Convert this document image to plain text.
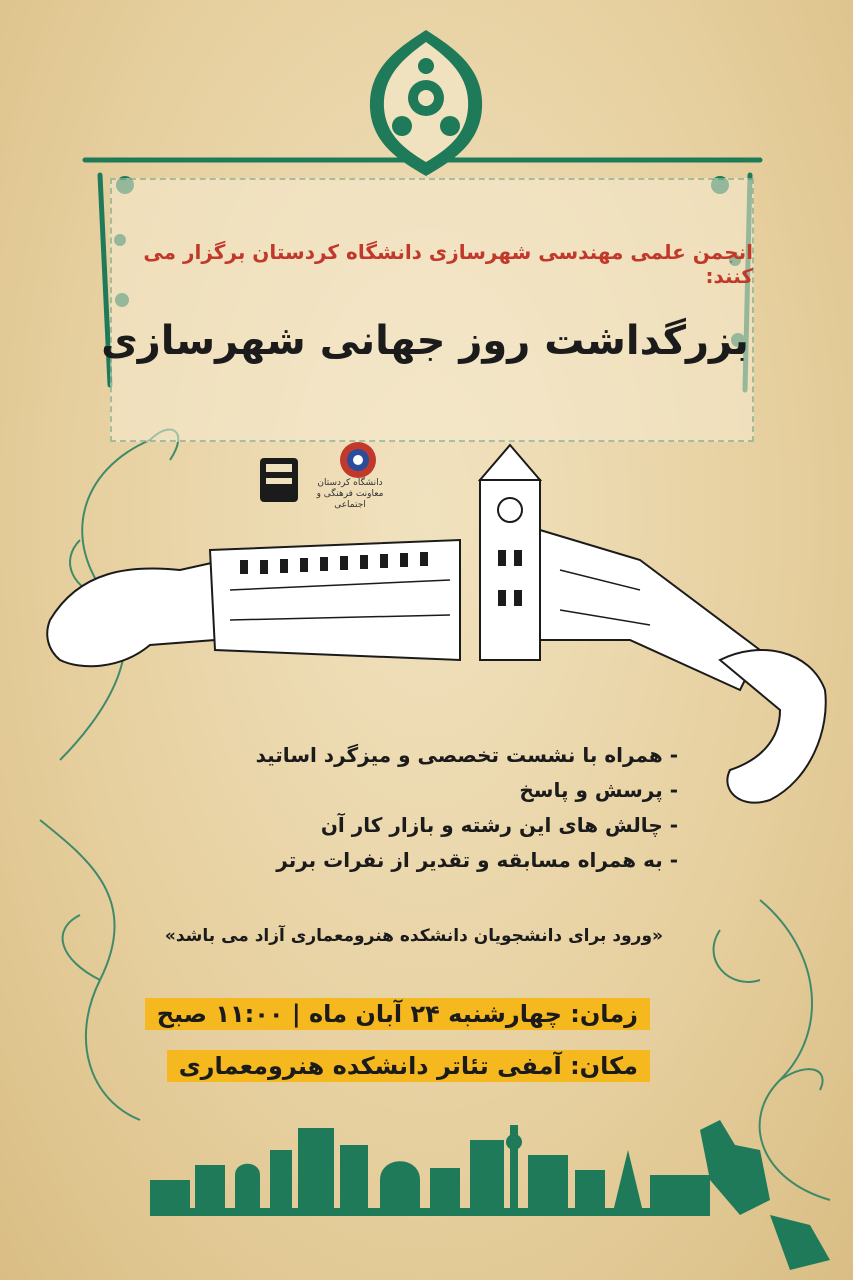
انجمن علمی مهندسی شهرسازی دانشگاه کردستان برگزار می کنند:
بزرگداشت روز جهانی شهرسازی
دانشگاه کردستان
معاونت فرهنگی و اجتماعی
- همراه با نشست تخصصی و میزگرد اساتید
- پرسش و پاسخ
- چالش های این رشته و بازار کار آن
- به همراه مسابقه و تقدیر از نفرات برتر
«ورود برای دانشجویان دانشکده هنرومعماری آزاد می باشد»
زمان: چهارشنبه ۲۴ آبان ماه | ۱۱:۰۰ صبح
مکان: آمفی تئاتر دانشکده هنرومعماری
